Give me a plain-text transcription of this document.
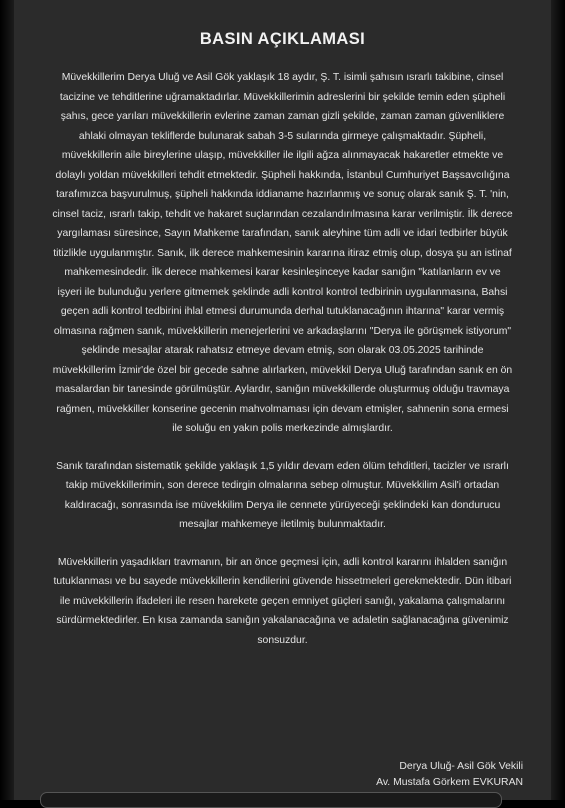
BASIN AÇIKLAMASI

Müvekkillerim Derya Uluğ ve Asil Gök yaklaşık 18 aydır, Ş. T. isimli şahısın ısrarlı takibine, cinsel tacizine ve tehditlerine uğramaktadırlar. Müvekkillerimin adreslerini bir şekilde temin eden şüpheli şahıs, gece yarıları müvekkillerin evlerine zaman zaman gizli şekilde, zaman zaman güvenliklere ahlaki olmayan tekliflerde bulunarak sabah 3-5 sularında girmeye çalışmaktadır. Şüpheli, müvekkillerin aile bireylerine ulaşıp, müvekkiller ile ilgili ağza alınmayacak hakaretler etmekte ve dolaylı yoldan müvekkilleri tehdit etmektedir. Şüpheli hakkında, İstanbul Cumhuriyet Başsavcılığına tarafımızca başvurulmuş, şüpheli hakkında iddianame hazırlanmış ve sonuç olarak sanık Ş. T. 'nin, cinsel taciz, ısrarlı takip, tehdit ve hakaret suçlarından cezalandırılmasına karar verilmiştir. İlk derece yargılaması süresince, Sayın Mahkeme tarafından, sanık aleyhine tüm adli ve idari tedbirler büyük titizlikle uygulanmıştır. Sanık, ilk derece mahkemesinin kararına itiraz etmiş olup, dosya şu an istinaf mahkemesindedir. İlk derece mahkemesi karar kesinleşinceye kadar sanığın "katılanların ev ve işyeri ile bulunduğu yerlere gitmemek şeklinde adli kontrol kontrol tedbirinin uygulanmasına, Bahsi geçen adli kontrol tedbirini ihlal etmesi durumunda derhal tutuklanacağının ihtarına" karar vermiş olmasına rağmen sanık, müvekkillerin menejerlerini ve arkadaşlarını "Derya ile görüşmek istiyorum" şeklinde mesajlar atarak rahatsız etmeye devam etmiş, son olarak 03.05.2025 tarihinde müvekkillerim İzmir'de özel bir gecede sahne alırlarken, müvekkil Derya Uluğ tarafından sanık en ön masalardan bir tanesinde görülmüştür. Aylardır, sanığın müvekkillerde oluşturmuş olduğu travmaya rağmen, müvekkiller konserine gecenin mahvolmaması için devam etmişler, sahnenin sona ermesi ile soluğu en yakın polis merkezinde almışlardır.

Sanık tarafından sistematik şekilde yaklaşık 1,5 yıldır devam eden ölüm tehditleri, tacizler ve ısrarlı takip müvekkillerimin, son derece tedirgin olmalarına sebep olmuştur. Müvekkilim Asil'i ortadan kaldıracağı, sonrasında ise müvekkilim Derya ile cennete yürüyeceği şeklindeki kan dondurucu mesajlar mahkemeye iletilmiş bulunmaktadır.

Müvekkillerin yaşadıkları travmanın, bir an önce geçmesi için, adli kontrol kararını ihlalden sanığın tutuklanması ve bu sayede müvekkillerin kendilerini güvende hissetmeleri gerekmektedir. Dün itibari ile müvekkillerin ifadeleri ile resen harekete geçen emniyet güçleri sanığı, yakalama çalışmalarını sürdürmektedirler. En kısa zamanda sanığın yakalanacağına ve adaletin sağlanacağına güvenimiz sonsuzdur.

Derya Uluğ- Asil Gök Vekili
Av. Mustafa Görkem EVKURAN
